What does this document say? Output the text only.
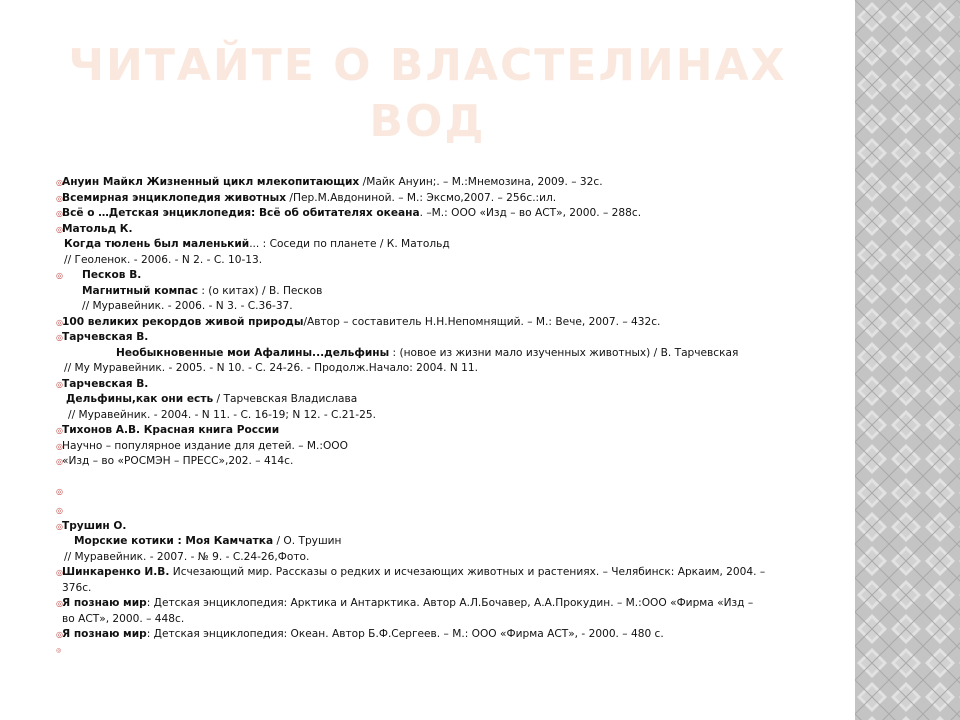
ЧИТАЙТЕ О ВЛАСТЕЛИНАХ
ВОД
◎ Ануин Майкл Жизненный цикл млекопитающих /Майк Ануин;. – М.:Мнемозина, 2009. – 32с.
◎ Всемирная энциклопедия животных /Пер.М.Авдониной. – М.: Эксмо,2007. – 256с.:ил.
◎ Всё о …Детская энциклопедия: Всё об обитателях океана. –М.: ООО «Изд – во АСТ», 2000. – 288с.
◎ Матольд К.
Когда тюлень был маленький... : Соседи по планете / К. Матольд
// Геоленок. - 2006. - N 2. - С. 10-13.
◎ Песков В.
Магнитный компас : (о китах) / В. Песков
// Муравейник. - 2006. - N 3. - С.36-37.
◎ 100 великих рекордов живой природы/Автор – составитель Н.Н.Непомнящий. – М.: Вече, 2007. – 432с.
◎ Тарчевская В.
Необыкновенные мои Афалины...дельфины : (новое из жизни мало изученных животных) / В. Тарчевская
// Му Муравейник. - 2005. - N 10. - С. 24-26. - Продолж.Начало: 2004. N 11.
◎ Тарчевская В.
Дельфины,как они есть / Тарчевская Владислава
// Муравейник. - 2004. - N 11. - С. 16-19; N 12. - С.21-25.
◎ Тихонов А.В. Красная книга России
◎ Научно – популярное издание для детей. – М.:ООО
◎ «Изд – во «РОСМЭН – ПРЕСС»,202. – 414с.
◎

◎

◎ Трушин О.
Морские котики : Моя Камчатка / О. Трушин
// Муравейник. - 2007. - № 9. - С.24-26,Фото.
◎ Шинкаренко И.В. Исчезающий мир. Рассказы о редких и исчезающих животных и растениях. – Челябинск: Аркаим, 2004. –
376с.
◎ Я познаю мир: Детская энциклопедия: Арктика и Антарктика. Автор А.Л.Бочавер, А.А.Прокудин. – М.:ООО «Фирма «Изд –
во АСТ», 2000. – 448с.
◎ Я познаю мир: Детская энциклопедия: Океан. Автор Б.Ф.Сергеев. – М.: ООО «Фирма АСТ», - 2000. – 480 с.
◎
